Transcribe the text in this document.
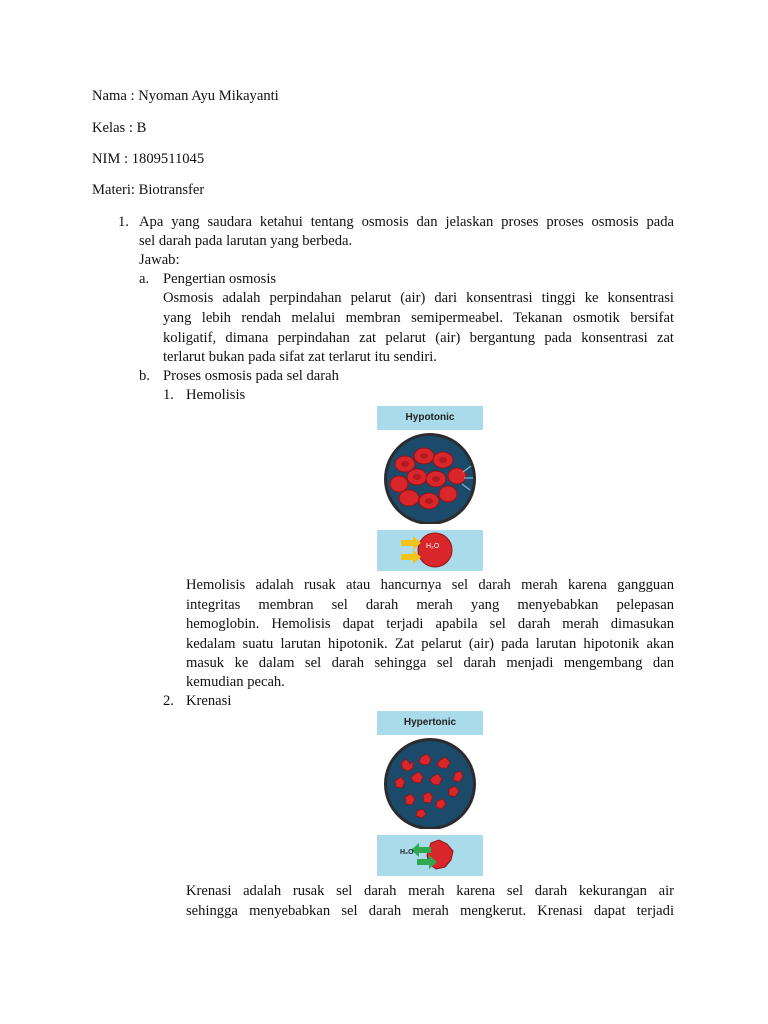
Nama : Nyoman Ayu Mikayanti
Kelas : B
NIM : 1809511045
Materi: Biotransfer
1. Apa yang saudara ketahui tentang osmosis dan jelaskan proses proses osmosis pada
sel darah pada larutan yang berbeda.
Jawab:
a. Pengertian osmosis
Osmosis adalah perpindahan pelarut (air) dari konsentrasi tinggi ke konsentrasi
yang lebih rendah melalui membran semipermeabel. Tekanan osmotik bersifat
koligatif, dimana perpindahan zat pelarut (air) bergantung pada konsentrasi zat
terlarut bukan pada sifat zat terlarut itu sendiri.
b. Proses osmosis pada sel darah
1. Hemolisis
Hypotonic
H₂O
Hemolisis adalah rusak atau hancurnya sel darah merah karena gangguan
integritas membran sel darah merah yang menyebabkan pelepasan
hemoglobin. Hemolisis dapat terjadi apabila sel darah merah dimasukan
kedalam suatu larutan hipotonik. Zat pelarut (air) pada larutan hipotonik akan
masuk ke dalam sel darah sehingga sel darah menjadi mengembang dan
kemudian pecah.
2. Krenasi
Hypertonic
H₂O
Krenasi adalah rusak sel darah merah karena sel darah kekurangan air
sehingga menyebabkan sel darah merah mengkerut. Krenasi dapat terjadi
